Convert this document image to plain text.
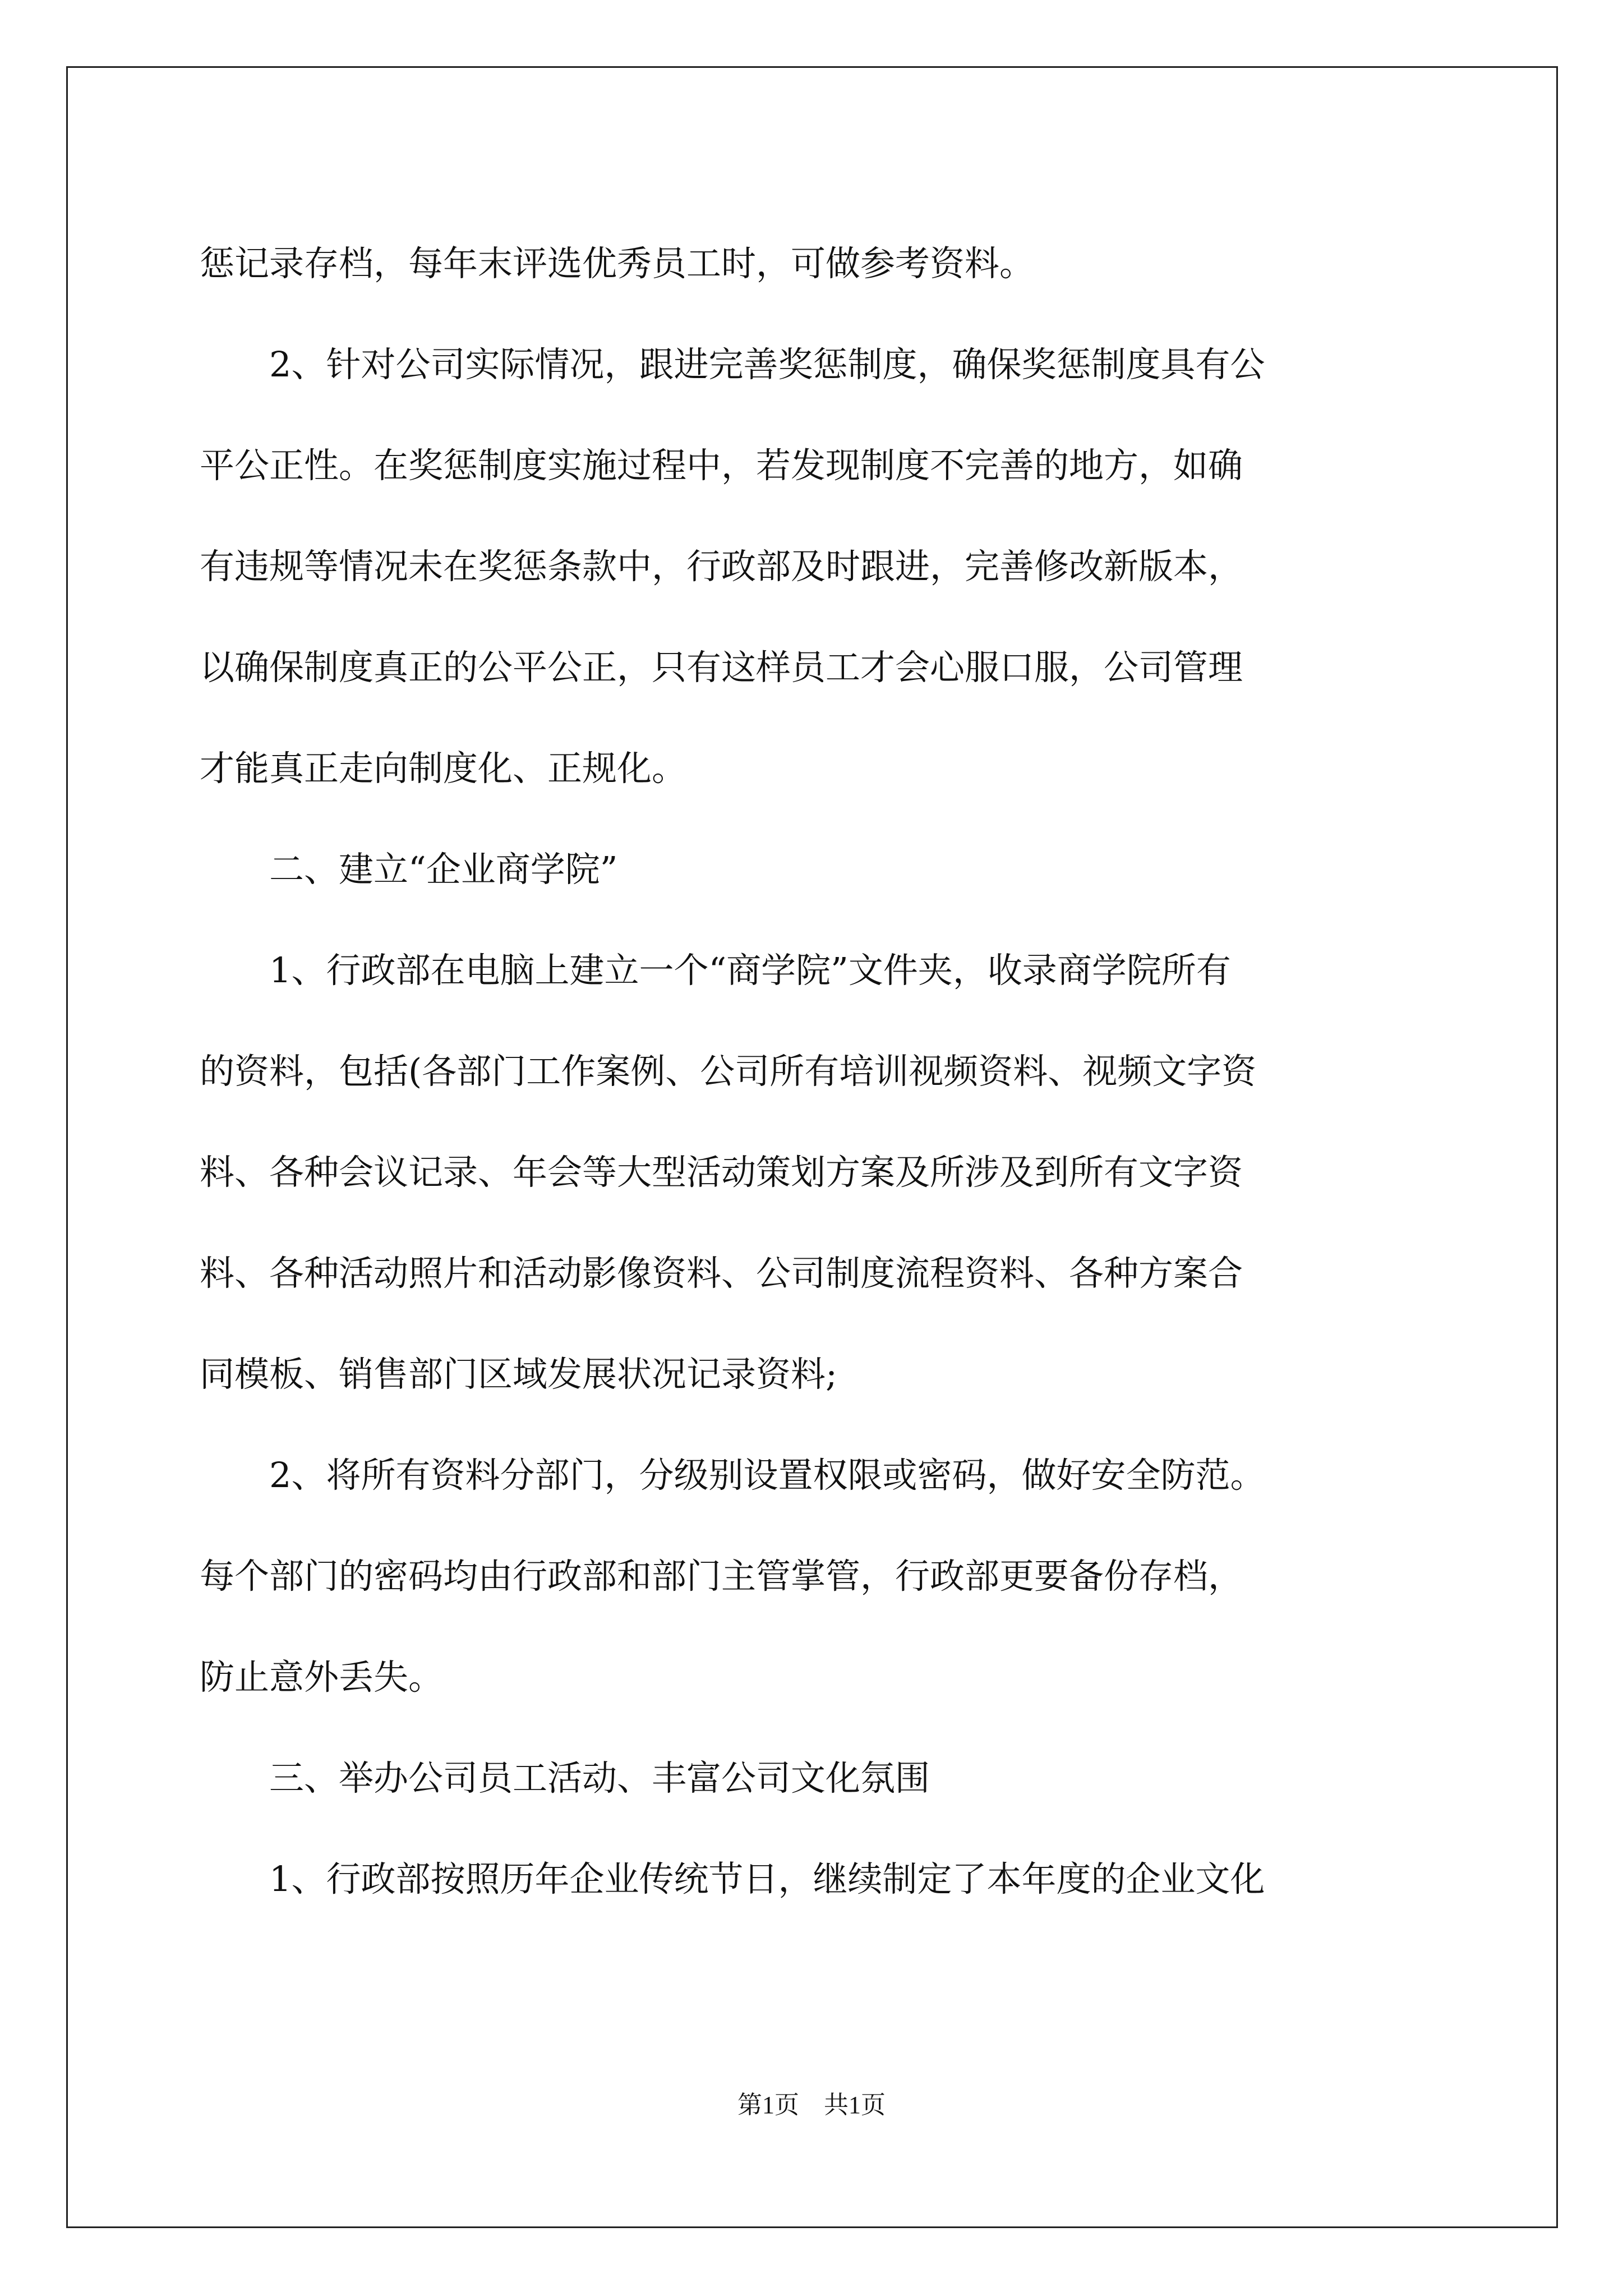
惩记录存档，每年末评选优秀员工时，可做参考资料。
2、针对公司实际情况，跟进完善奖惩制度，确保奖惩制度具有公
平公正性。在奖惩制度实施过程中，若发现制度不完善的地方，如确
有违规等情况未在奖惩条款中，行政部及时跟进，完善修改新版本，
以确保制度真正的公平公正，只有这样员工才会心服口服，公司管理
才能真正走向制度化、正规化。
二、建立“企业商学院”
1、行政部在电脑上建立一个“商学院”文件夹，收录商学院所有
的资料，包括(各部门工作案例、公司所有培训视频资料、视频文字资
料、各种会议记录、年会等大型活动策划方案及所涉及到所有文字资
料、各种活动照片和活动影像资料、公司制度流程资料、各种方案合
同模板、销售部门区域发展状况记录资料;
2、将所有资料分部门，分级别设置权限或密码，做好安全防范。
每个部门的密码均由行政部和部门主管掌管，行政部更要备份存档，
防止意外丢失。
三、举办公司员工活动、丰富公司文化氛围
1、行政部按照历年企业传统节日，继续制定了本年度的企业文化
第1页 共1页
